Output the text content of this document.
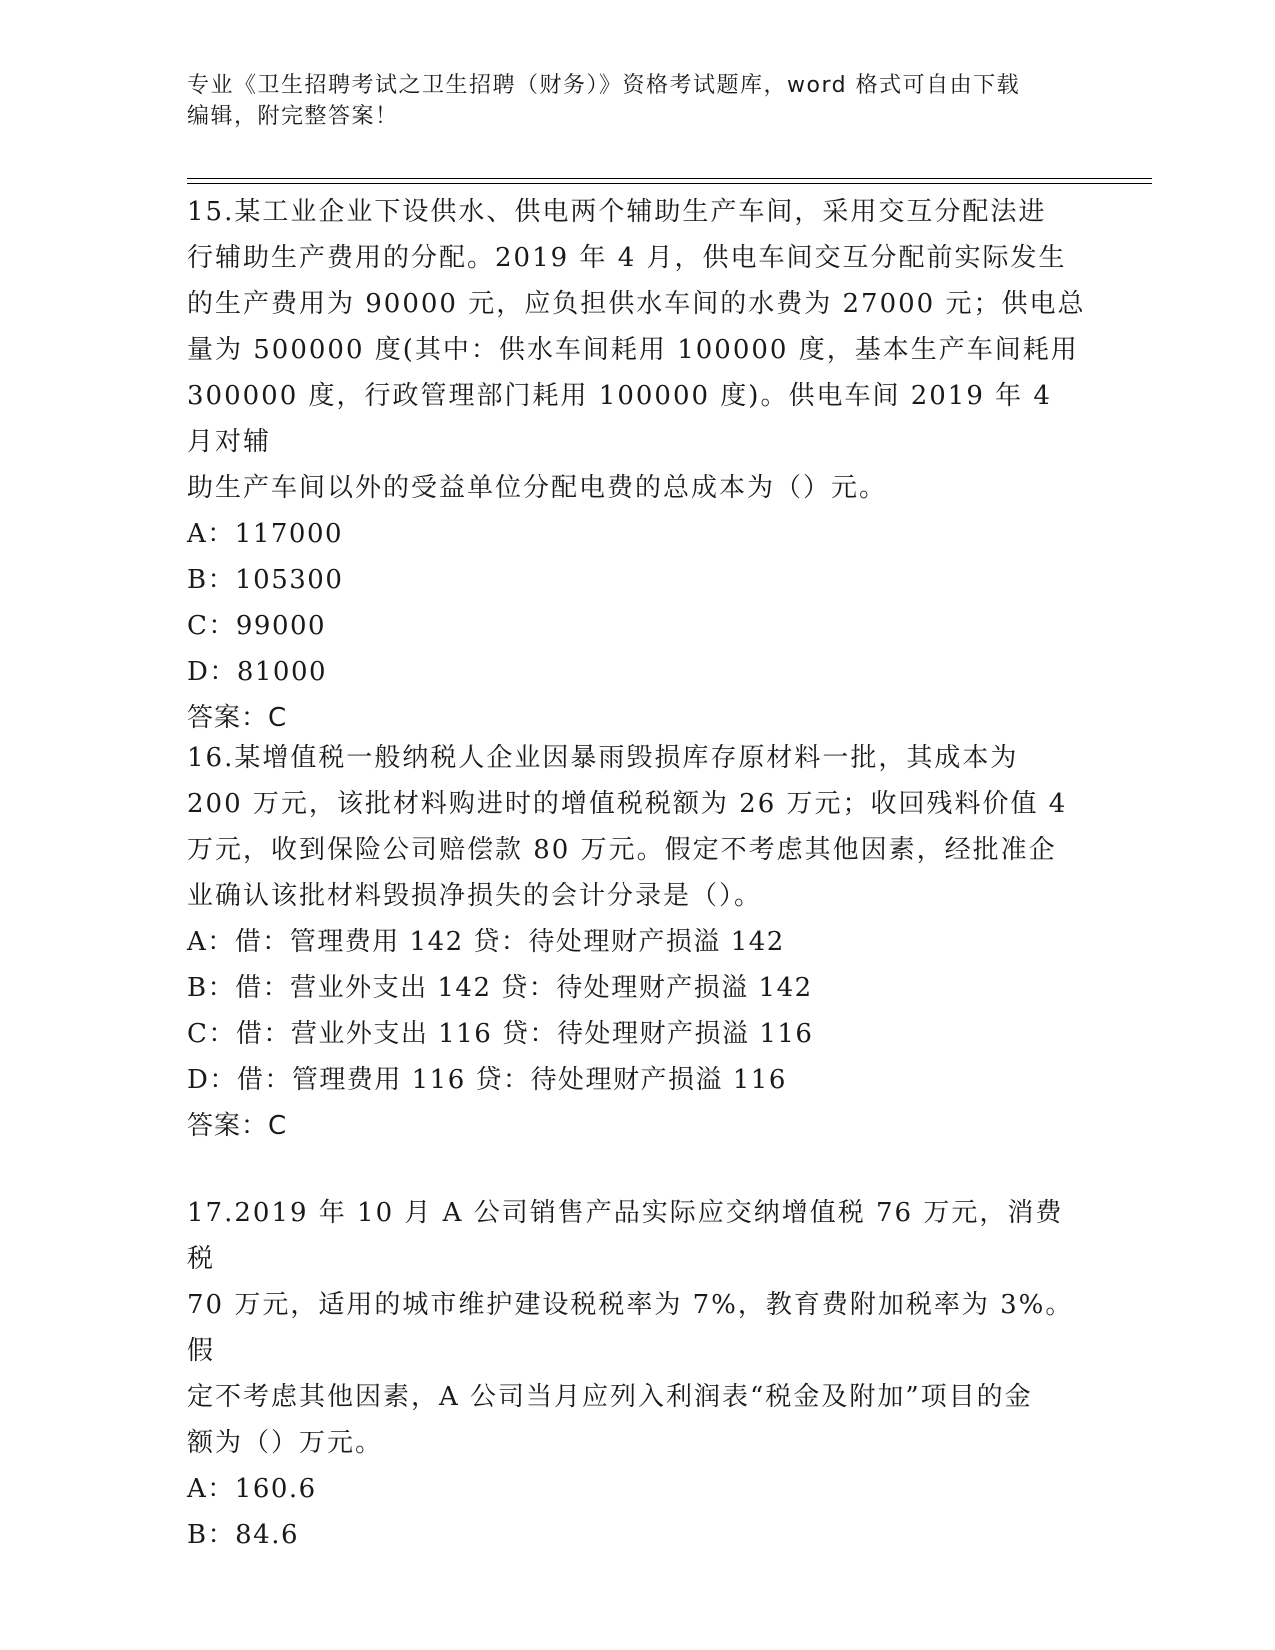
专业《卫生招聘考试之卫生招聘（财务）》资格考试题库，word 格式可自由下载
编辑，附完整答案！
15.某工业企业下设供水、供电两个辅助生产车间，采用交互分配法进
行辅助生产费用的分配。2019 年 4 月，供电车间交互分配前实际发生
的生产费用为 90000 元，应负担供水车间的水费为 27000 元；供电总
量为 500000 度(其中：供水车间耗用 100000 度，基本生产车间耗用
300000 度，行政管理部门耗用 100000 度)。供电车间 2019 年 4 月对辅
助生产车间以外的受益单位分配电费的总成本为（）元。
A：117000
B：105300
C：99000
D：81000
答案：C
16.某增值税一般纳税人企业因暴雨毁损库存原材料一批，其成本为
200 万元，该批材料购进时的增值税税额为 26 万元；收回残料价值 4
万元，收到保险公司赔偿款 80 万元。假定不考虑其他因素，经批准企
业确认该批材料毁损净损失的会计分录是（）。
A：借：管理费用 142 贷：待处理财产损溢 142
B：借：营业外支出 142 贷：待处理财产损溢 142
C：借：营业外支出 116 贷：待处理财产损溢 116
D：借：管理费用 116 贷：待处理财产损溢 116
答案：C
17.2019 年 10 月 A 公司销售产品实际应交纳增值税 76 万元，消费税
70 万元，适用的城市维护建设税税率为 7%，教育费附加税率为 3%。假
定不考虑其他因素，A 公司当月应列入利润表“税金及附加”项目的金
额为（）万元。
A：160.6
B：84.6
